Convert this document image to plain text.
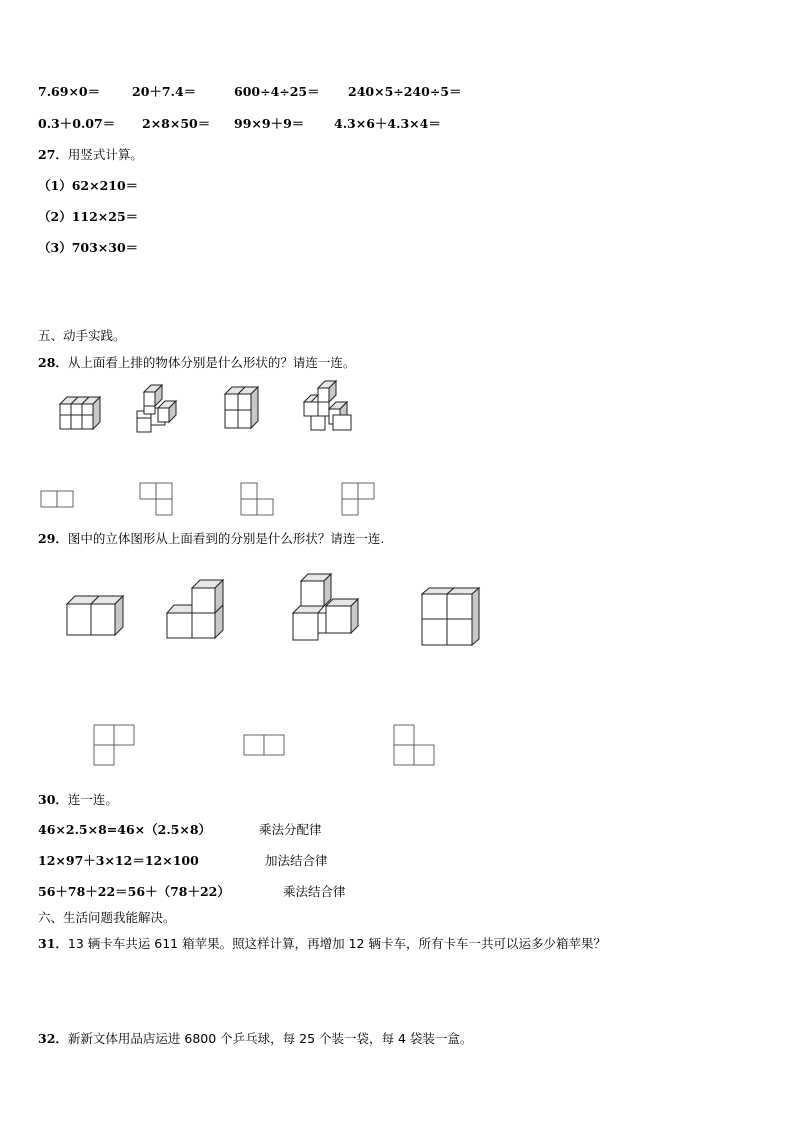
7.69×0＝	20＋7.4＝	600÷4÷25＝ 240×5÷240÷5＝
0.3＋0.07＝ 2×8×50＝ 99×9＋9＝ 4.3×6＋4.3×4＝
27．用竖式计算。
（1）62×210＝
（2）112×25＝
（3）703×30＝
五、动手实践。
28．从上面看上排的物体分别是什么形状的？请连一连。
29．图中的立体图形从上面看到的分别是什么形状？请连一连.
30．连一连。
46×2.5×8=46×（2.5×8）
12×97＋3×12＝12×100
56＋78＋22＝56＋（78＋22）
乘法分配律
加法结合律
乘法结合律
六、生活问题我能解决。
31．13 辆卡车共运 611 箱苹果。照这样计算，再增加 12 辆卡车，所有卡车一共可以运多少箱苹果？
32．新新文体用品店运进 6800 个乒乓球，每 25 个装一袋，每 4 袋装一盒。
